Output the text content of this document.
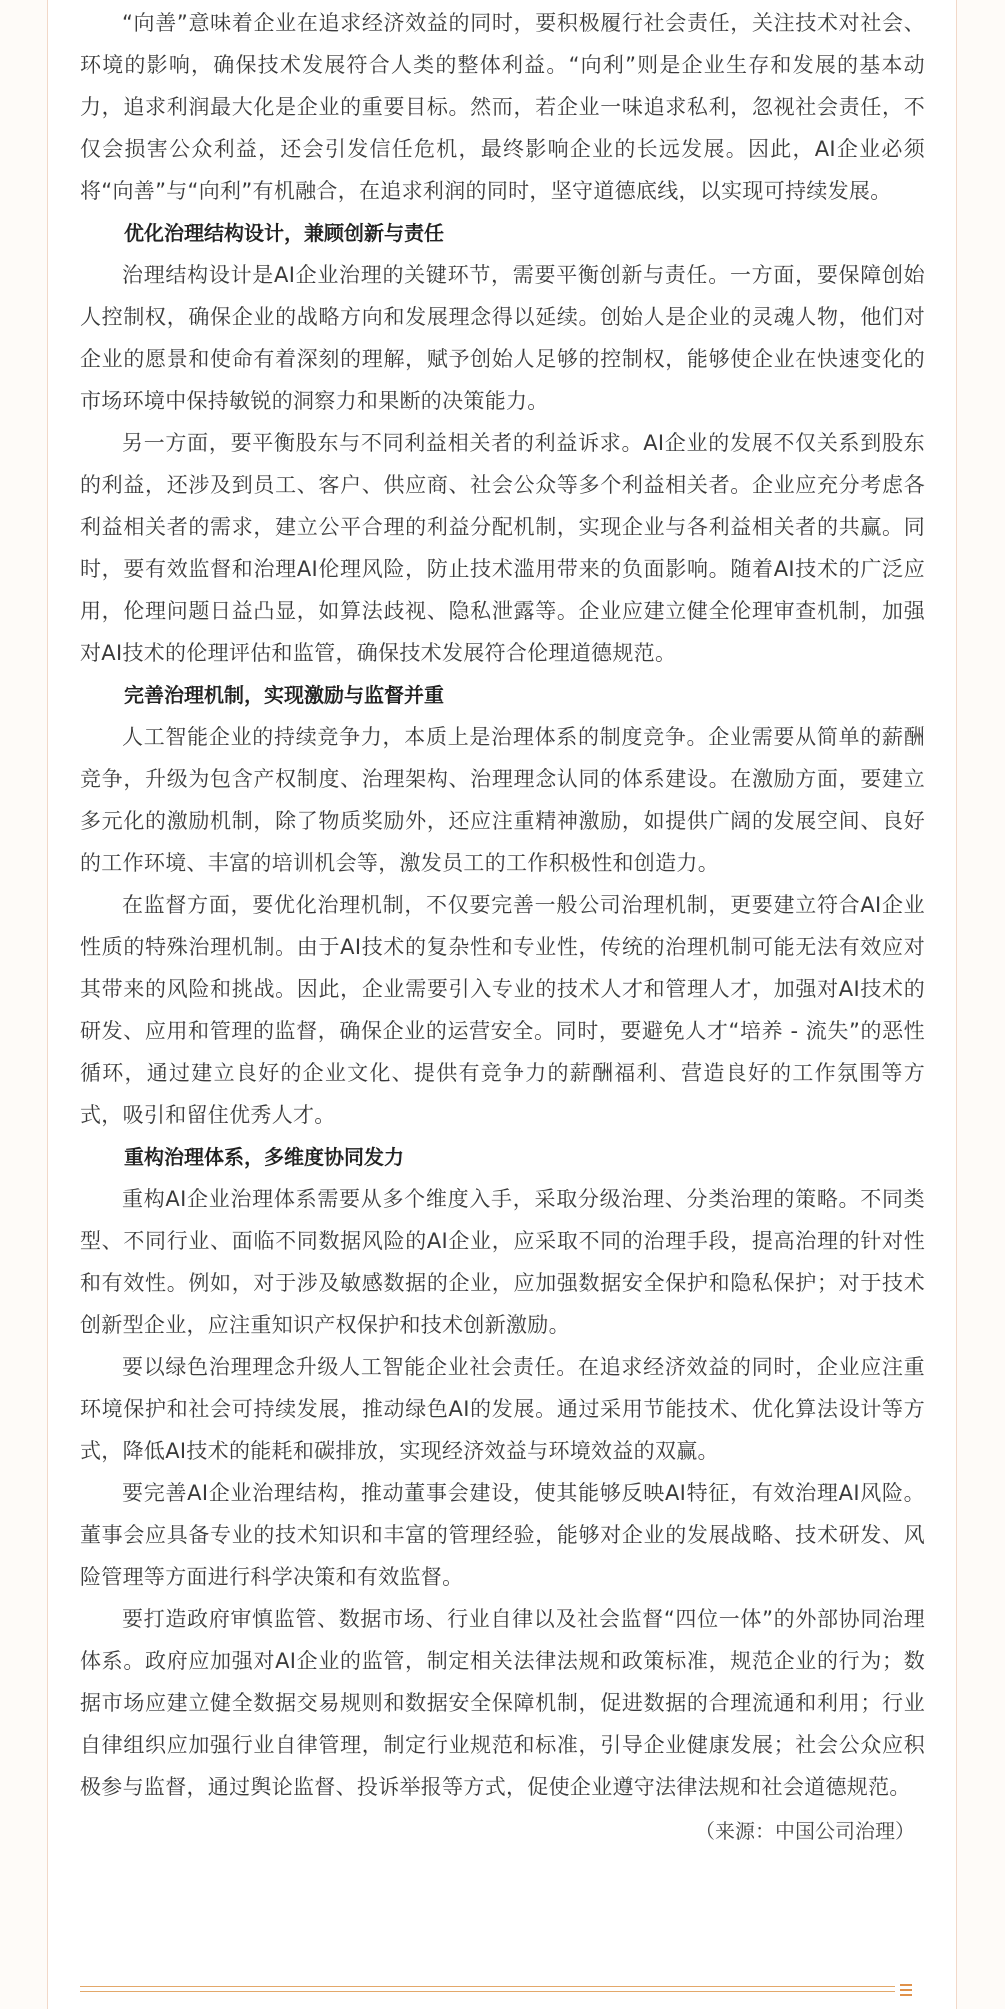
“向善”意味着企业在追求经济效益的同时，要积极履行社会责任，关注技术对社会、环境的影响，确保技术发展符合人类的整体利益。“向利”则是企业生存和发展的基本动力，追求利润最大化是企业的重要目标。然而，若企业一味追求私利，忽视社会责任，不仅会损害公众利益，还会引发信任危机，最终影响企业的长远发展。因此，AI企业必须将“向善”与“向利”有机融合，在追求利润的同时，坚守道德底线，以实现可持续发展。

优化治理结构设计，兼顾创新与责任

治理结构设计是AI企业治理的关键环节，需要平衡创新与责任。一方面，要保障创始人控制权，确保企业的战略方向和发展理念得以延续。创始人是企业的灵魂人物，他们对企业的愿景和使命有着深刻的理解，赋予创始人足够的控制权，能够使企业在快速变化的市场环境中保持敏锐的洞察力和果断的决策能力。

另一方面，要平衡股东与不同利益相关者的利益诉求。AI企业的发展不仅关系到股东的利益，还涉及到员工、客户、供应商、社会公众等多个利益相关者。企业应充分考虑各利益相关者的需求，建立公平合理的利益分配机制，实现企业与各利益相关者的共赢。同时，要有效监督和治理AI伦理风险，防止技术滥用带来的负面影响。随着AI技术的广泛应用，伦理问题日益凸显，如算法歧视、隐私泄露等。企业应建立健全伦理审查机制，加强对AI技术的伦理评估和监管，确保技术发展符合伦理道德规范。

完善治理机制，实现激励与监督并重

人工智能企业的持续竞争力，本质上是治理体系的制度竞争。企业需要从简单的薪酬竞争，升级为包含产权制度、治理架构、治理理念认同的体系建设。在激励方面，要建立多元化的激励机制，除了物质奖励外，还应注重精神激励，如提供广阔的发展空间、良好的工作环境、丰富的培训机会等，激发员工的工作积极性和创造力。

在监督方面，要优化治理机制，不仅要完善一般公司治理机制，更要建立符合AI企业性质的特殊治理机制。由于AI技术的复杂性和专业性，传统的治理机制可能无法有效应对其带来的风险和挑战。因此，企业需要引入专业的技术人才和管理人才，加强对AI技术的研发、应用和管理的监督，确保企业的运营安全。同时，要避免人才“培养 - 流失”的恶性循环，通过建立良好的企业文化、提供有竞争力的薪酬福利、营造良好的工作氛围等方式，吸引和留住优秀人才。

重构治理体系，多维度协同发力

重构AI企业治理体系需要从多个维度入手，采取分级治理、分类治理的策略。不同类型、不同行业、面临不同数据风险的AI企业，应采取不同的治理手段，提高治理的针对性和有效性。例如，对于涉及敏感数据的企业，应加强数据安全保护和隐私保护；对于技术创新型企业，应注重知识产权保护和技术创新激励。

要以绿色治理理念升级人工智能企业社会责任。在追求经济效益的同时，企业应注重环境保护和社会可持续发展，推动绿色AI的发展。通过采用节能技术、优化算法设计等方式，降低AI技术的能耗和碳排放，实现经济效益与环境效益的双赢。

要完善AI企业治理结构，推动董事会建设，使其能够反映AI特征，有效治理AI风险。董事会应具备专业的技术知识和丰富的管理经验，能够对企业的发展战略、技术研发、风险管理等方面进行科学决策和有效监督。

要打造政府审慎监管、数据市场、行业自律以及社会监督“四位一体”的外部协同治理体系。政府应加强对AI企业的监管，制定相关法律法规和政策标准，规范企业的行为；数据市场应建立健全数据交易规则和数据安全保障机制，促进数据的合理流通和利用；行业自律组织应加强行业自律管理，制定行业规范和标准，引导企业健康发展；社会公众应积极参与监督，通过舆论监督、投诉举报等方式，促使企业遵守法律法规和社会道德规范。

（来源：中国公司治理）
